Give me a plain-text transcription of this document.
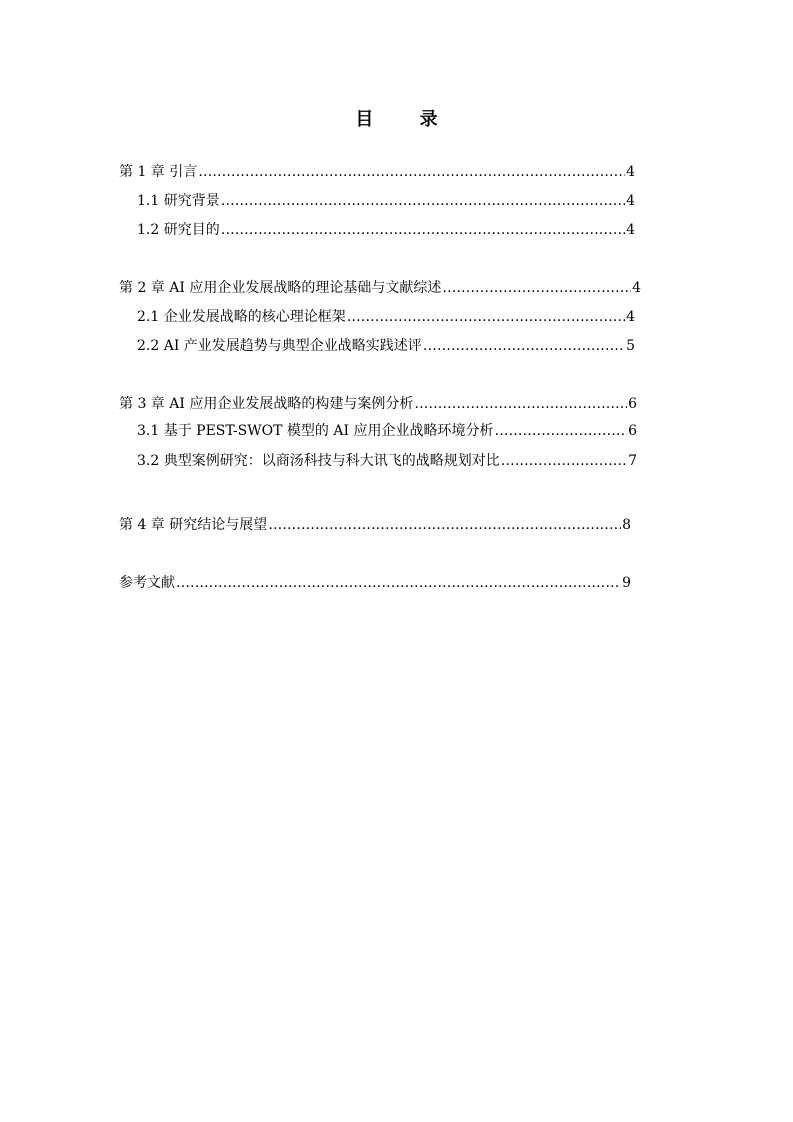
目 录
第 1 章 引言 ……………………………………………………………………………………………………………………………………………………	4
1.1 研究背景 ……………………………………………………………………………………………………………………………………………………	4
1.2 研究目的 ……………………………………………………………………………………………………………………………………………………	4
第 2 章 AI 应用企业发展战略的理论基础与文献综述 ……………………………………………………………………………………………………………………………………………………	4
2.1 企业发展战略的核心理论框架 ……………………………………………………………………………………………………………………………………………………	4
2.2 AI 产业发展趋势与典型企业战略实践述评 ……………………………………………………………………………………………………………………………………………………	5
第 3 章 AI 应用企业发展战略的构建与案例分析 ……………………………………………………………………………………………………………………………………………………	6
3.1 基于 PEST-SWOT 模型的 AI 应用企业战略环境分析 ……………………………………………………………………………………………………………………………………………………	6
3.2 典型案例研究：以商汤科技与科大讯飞的战略规划对比 ……………………………………………………………………………………………………………………………………………………	7
第 4 章 研究结论与展望 ……………………………………………………………………………………………………………………………………………………	8
参考文献 ……………………………………………………………………………………………………………………………………………………	9
